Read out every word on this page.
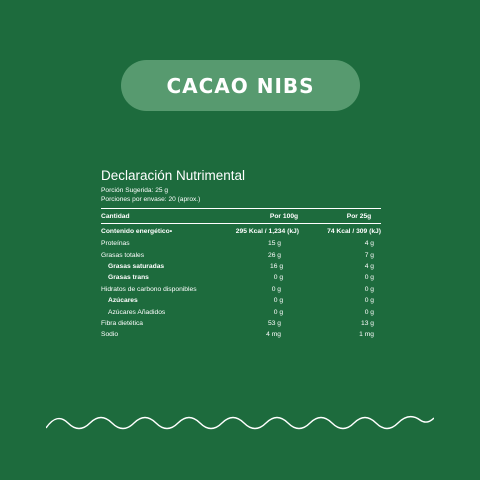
CACAO NIBS
Declaración Nutrimental
Porción Sugerida: 25 g
Porciones por envase: 20 (aprox.)
Cantidad	Por 100g	Por 25g
Contenido energético•	295 Kcal / 1,234 (kJ)	74 Kcal / 309 (kJ)
Proteínas	15 g	4 g
Grasas totales	26 g	7 g
Grasas saturadas	16 g	4 g
Grasas trans	0 g	0 g
Hidratos de carbono disponibles	0 g	0 g
Azúcares	0 g	0 g
Azúcares Añadidos	0 g	0 g
Fibra dietética	53 g	13 g
Sodio	4 mg	1 mg
